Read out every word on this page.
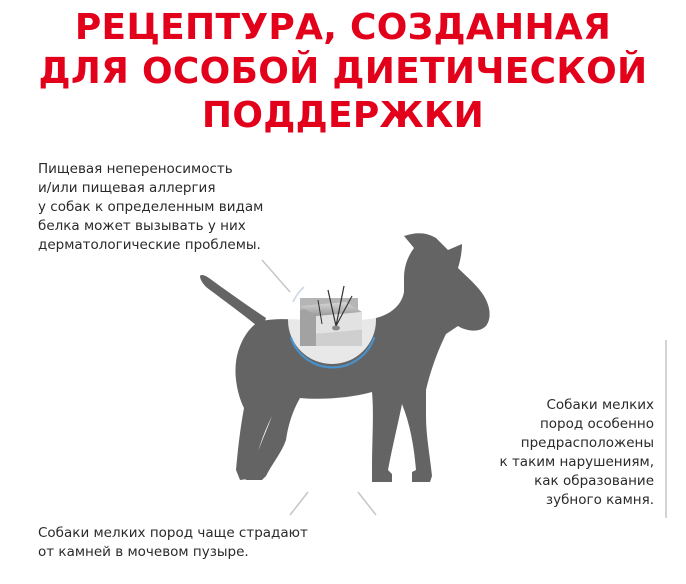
РЕЦЕПТУРА, СОЗДАННАЯ
ДЛЯ ОСОБОЙ ДИЕТИЧЕСКОЙ
ПОДДЕРЖКИ
Пищевая непереносимость
и/или пищевая аллергия
у собак к определенным видам
белка может вызывать у них
дерматологические проблемы.
Собаки мелких
пород особенно
предрасположены
к таким нарушениям,
как образование
зубного камня.
Собаки мелких пород чаще страдают
от камней в мочевом пузыре.
